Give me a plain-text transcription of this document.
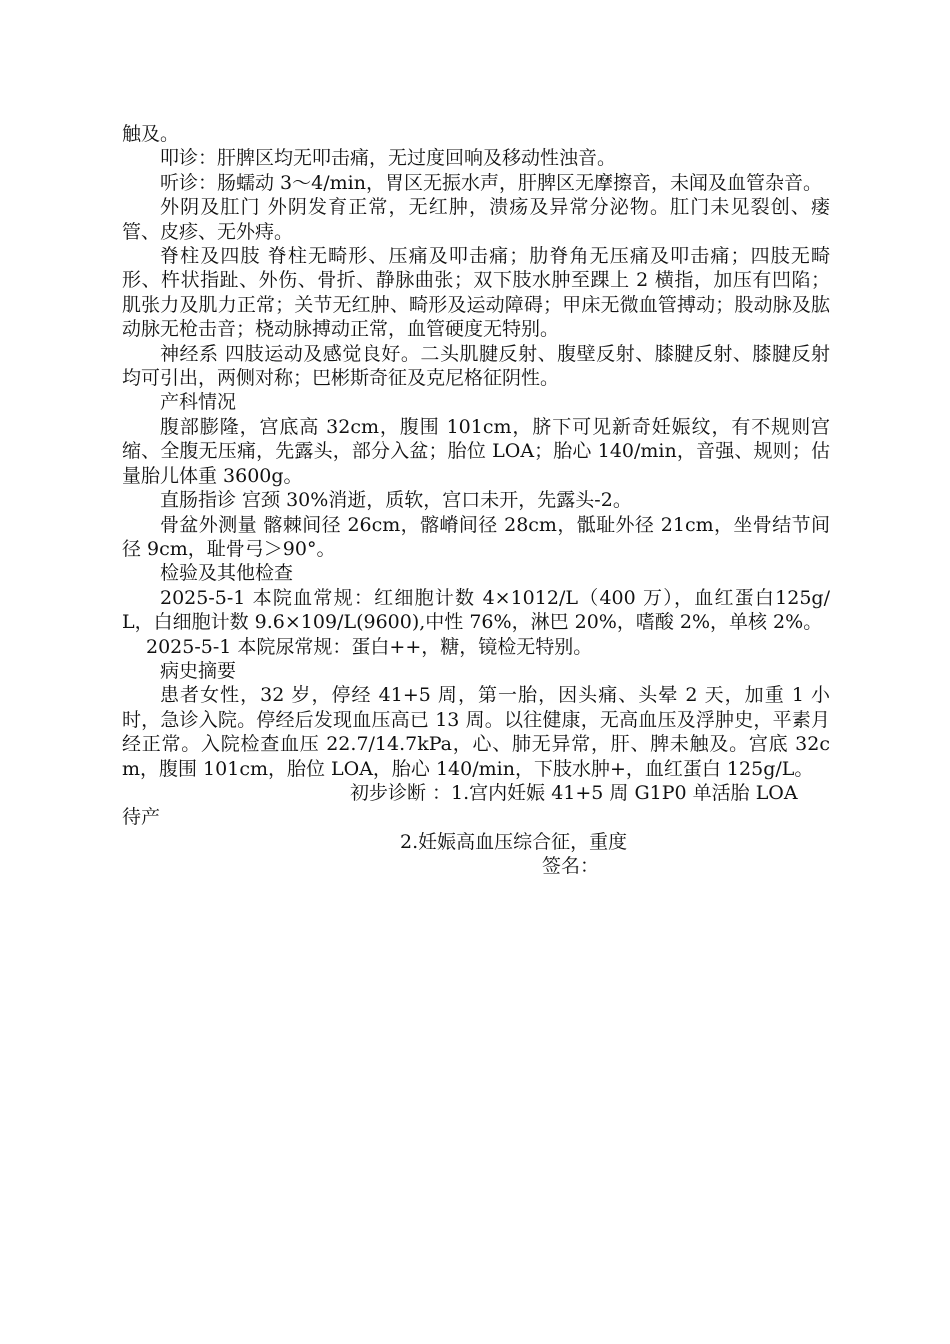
触及。

叩诊：肝脾区均无叩击痛，无过度回响及移动性浊音。

听诊：肠蠕动 3～4/min，胃区无振水声，肝脾区无摩擦音，未闻及血管杂音。

外阴及肛门 外阴发育正常，无红肿，溃疡及异常分泌物。肛门未见裂创、瘘管、皮疹、无外痔。

脊柱及四肢 脊柱无畸形、压痛及叩击痛；肋脊角无压痛及叩击痛；四肢无畸形、杵状指趾、外伤、骨折、静脉曲张；双下肢水肿至踝上 2 横指，加压有凹陷；肌张力及肌力正常；关节无红肿、畸形及运动障碍；甲床无微血管搏动；股动脉及肱动脉无枪击音；桡动脉搏动正常，血管硬度无特别。

神经系 四肢运动及感觉良好。二头肌腱反射、腹壁反射、膝腱反射、膝腱反射均可引出，两侧对称；巴彬斯奇征及克尼格征阴性。

产科情况

腹部膨隆，宫底高 32cm，腹围 101cm，脐下可见新奇妊娠纹，有不规则宫缩、全腹无压痛，先露头，部分入盆；胎位 LOA；胎心 140/min，音强、规则；估量胎儿体重 3600g。

直肠指诊 宫颈 30%消逝，质软，宫口未开，先露头-2。

骨盆外测量 髂棘间径 26cm，髂嵴间径 28cm，骶耻外径 21cm，坐骨结节间径 9cm，耻骨弓＞90°。

检验及其他检查

2025-5-1 本院血常规：红细胞计数 4×1012/L（400 万），血红蛋白125g/L，白细胞计数 9.6×109/L(9600),中性 76%，淋巴 20%，嗜酸 2%，单核 2%。

2025-5-1 本院尿常规：蛋白++，糖，镜检无特别。

病史摘要

患者女性，32 岁，停经 41+5 周，第一胎，因头痛、头晕 2 天，加重 1 小时，急诊入院。停经后发现血压高已 13 周。以往健康，无高血压及浮肿史，平素月经正常。入院检查血压 22.7/14.7kPa，心、肺无异常，肝、脾未触及。宫底 32cm，腹围 101cm，胎位 LOA，胎心 140/min，下肢水肿+，血红蛋白 125g/L。

初步诊断 ：1.宫内妊娠 41+5 周 G1P0 单活胎 LOA
待产
2.妊娠高血压综合征，重度
签名：
